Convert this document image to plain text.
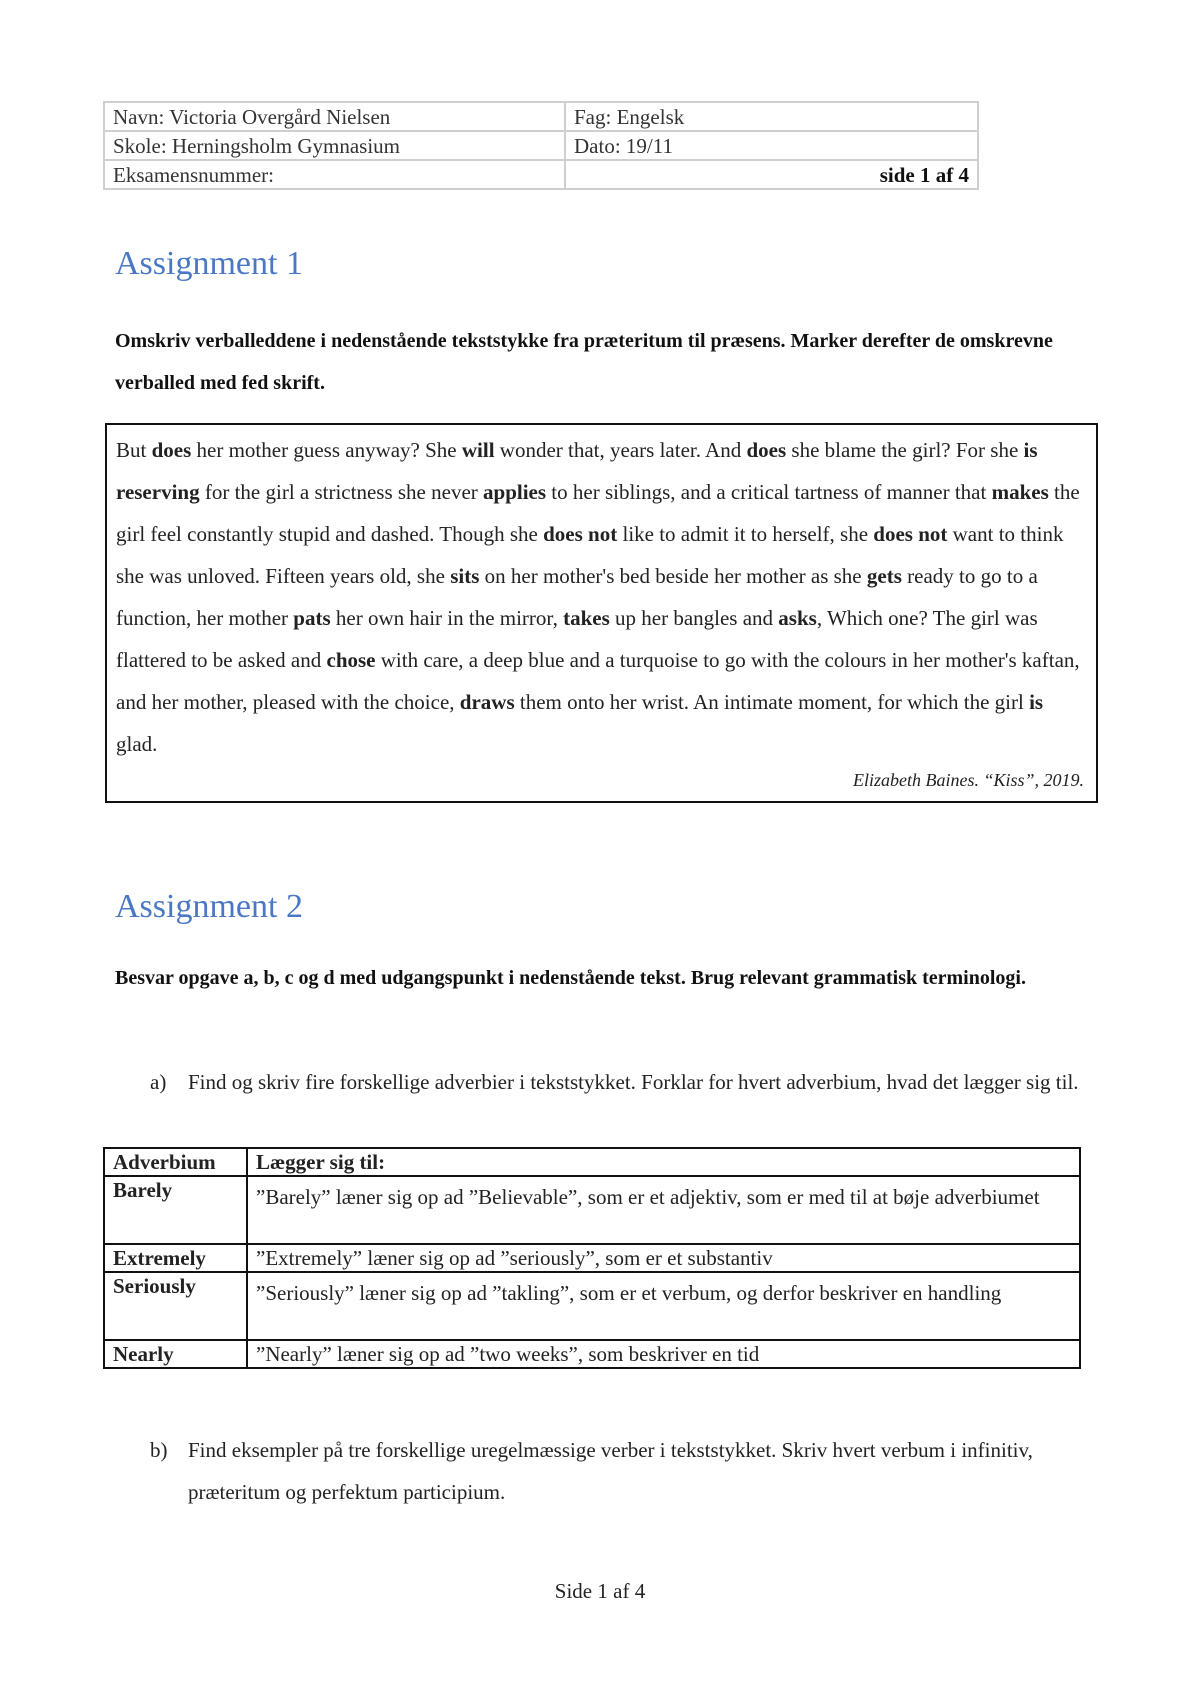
Navn: Victoria Overgård Nielsen	Fag: Engelsk
Skole: Herningsholm Gymnasium	Dato: 19/11
Eksamensnummer:	side 1 af 4
Assignment 1

Omskriv verballeddene i nedenstående tekststykke fra præteritum til præsens. Marker derefter de omskrevne verballed med fed skrift.

But does her mother guess anyway? She will wonder that, years later. And does she blame the girl? For she is reserving for the girl a strictness she never applies to her siblings, and a critical tartness of manner that makes the girl feel constantly stupid and dashed. Though she does not like to admit it to herself, she does not want to think she was unloved. Fifteen years old, she sits on her mother's bed beside her mother as she gets ready to go to a function, her mother pats her own hair in the mirror, takes up her bangles and asks, Which one? The girl was flattered to be asked and chose with care, a deep blue and a turquoise to go with the colours in her mother's kaftan, and her mother, pleased with the choice, draws them onto her wrist. An intimate moment, for which the girl is glad.

Elizabeth Baines. “Kiss”, 2019.
Assignment 2

Besvar opgave a, b, c og d med udgangspunkt i nedenstående tekst. Brug relevant grammatisk terminologi.

a) Find og skriv fire forskellige adverbier i tekststykket. Forklar for hvert adverbium, hvad det lægger sig til.
Adverbium	Lægger sig til:
Barely	”Barely” læner sig op ad ”Believable”, som er et adjektiv, som er med til at bøje adverbiumet
Extremely	”Extremely” læner sig op ad ”seriously”, som er et substantiv
Seriously	”Seriously” læner sig op ad ”takling”, som er et verbum, og derfor beskriver en handling
Nearly	”Nearly” læner sig op ad ”two weeks”, som beskriver en tid
b) Find eksempler på tre forskellige uregelmæssige verber i tekststykket. Skriv hvert verbum i infinitiv, præteritum og perfektum participium.
Side 1 af 4
